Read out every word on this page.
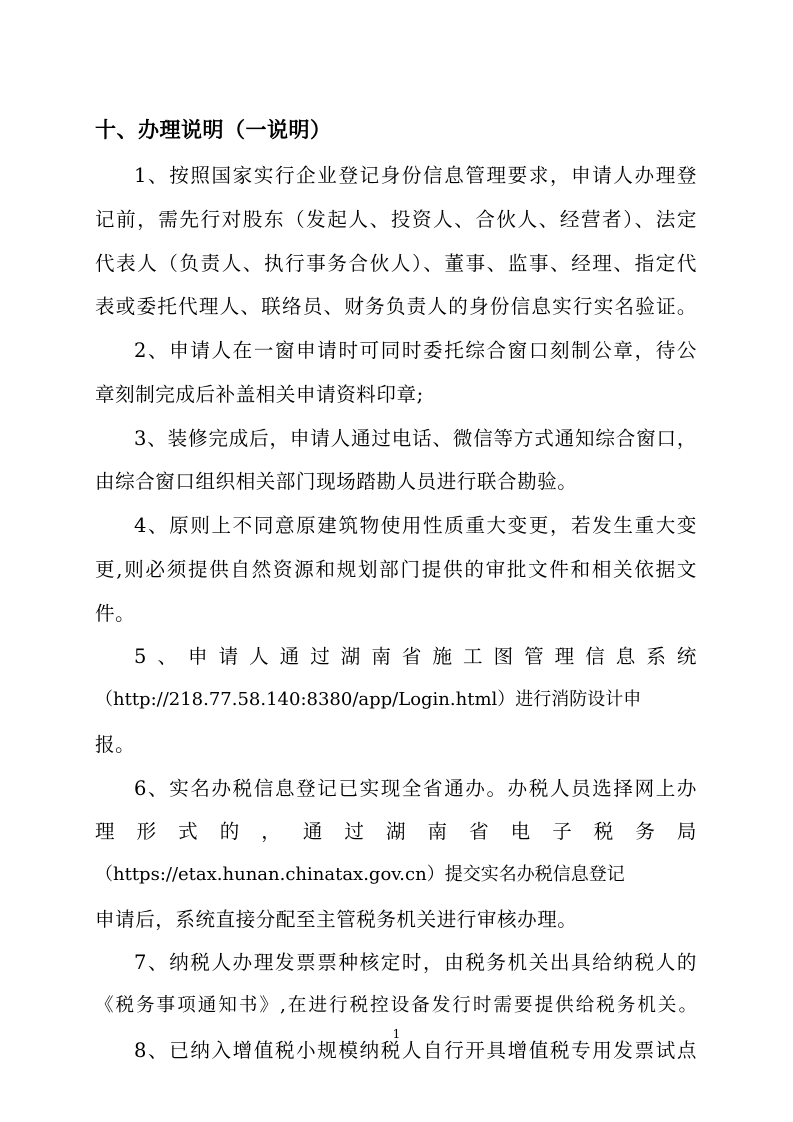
十、办理说明（一说明）

1、按照国家实行企业登记身份信息管理要求，申请人办理登

记前，需先行对股东（发起人、投资人、合伙人、经营者）、法定

代表人（负责人、执行事务合伙人）、董事、监事、经理、指定代

表或委托代理人、联络员、财务负责人的身份信息实行实名验证。

2、申请人在一窗申请时可同时委托综合窗口刻制公章，待公

章刻制完成后补盖相关申请资料印章;

3、装修完成后，申请人通过电话、微信等方式通知综合窗口，

由综合窗口组织相关部门现场踏勘人员进行联合勘验。

4、原则上不同意原建筑物使用性质重大变更，若发生重大变

更,则必须提供自然资源和规划部门提供的审批文件和相关依据文

件。

5、申请人通过湖南省施工图管理信息系统

（http://218.77.58.140:8380/app/Login.html）进行消防设计申

报。

6、实名办税信息登记已实现全省通办。办税人员选择网上办

理形式的，通过湖南省电子税务局

（https://etax.hunan.chinatax.gov.cn）提交实名办税信息登记

申请后，系统直接分配至主管税务机关进行审核办理。

7、纳税人办理发票票种核定时，由税务机关出具给纳税人的

《税务事项通知书》,在进行税控设备发行时需要提供给税务机关。

8、已纳入增值税小规模纳税人自行开具增值税专用发票试点

1
